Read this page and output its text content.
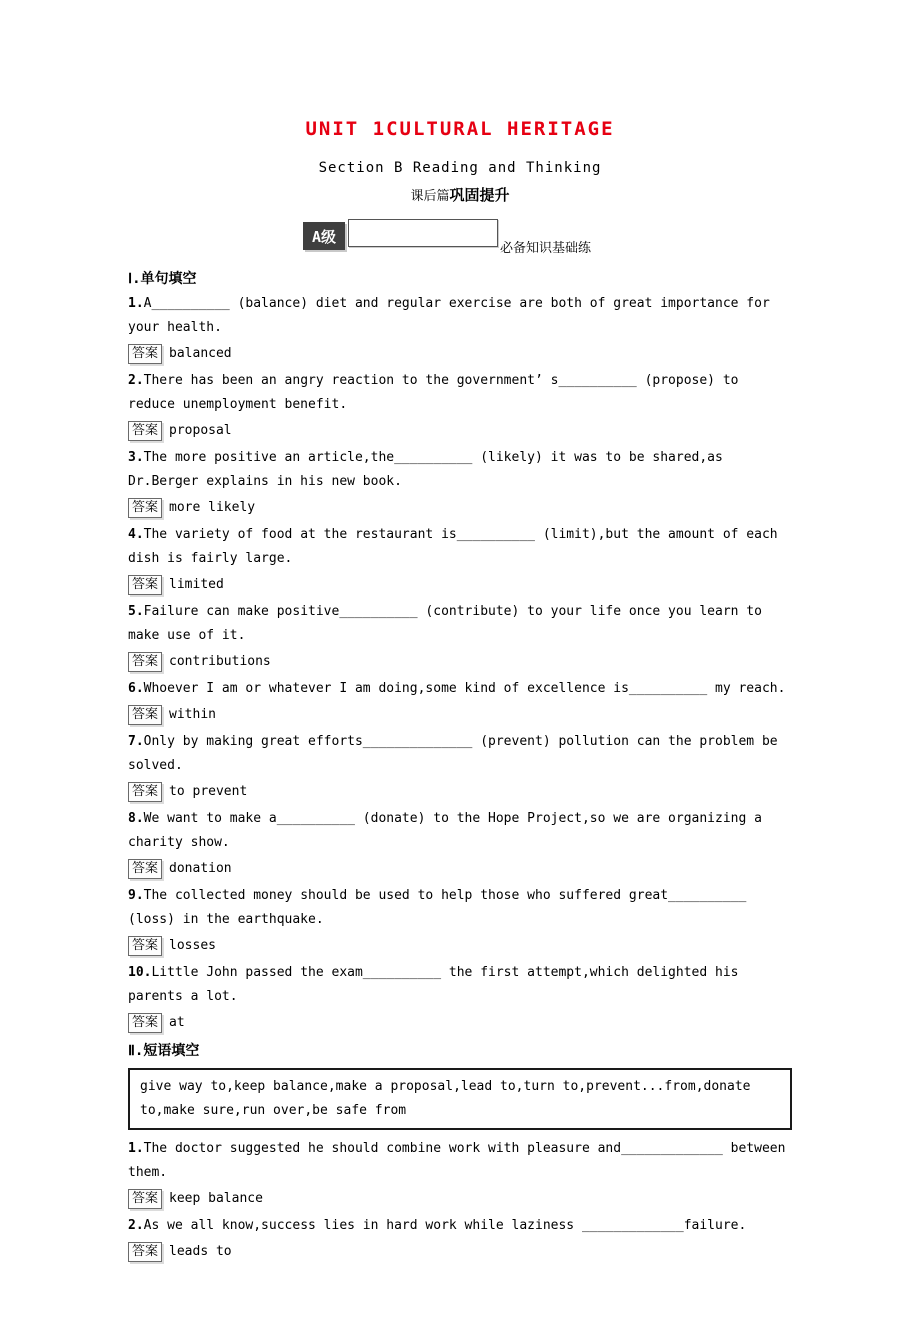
UNIT 1CULTURAL HERITAGE
Section B Reading and Thinking
课后篇巩固提升
A级
必备知识基础练
Ⅰ.单句填空
1.A__________ (balance) diet and regular exercise are both of great importance for your health.
答案 balanced
2.There has been an angry reaction to the government’ s__________ (propose) to reduce unemployment benefit.
答案 proposal
3.The more positive an article,the__________ (likely) it was to be shared,as Dr.Berger explains in his new book.
答案 more likely
4.The variety of food at the restaurant is__________ (limit),but the amount of each dish is fairly large.
答案 limited
5.Failure can make positive__________ (contribute) to your life once you learn to make use of it.
答案 contributions
6.Whoever I am or whatever I am doing,some kind of excellence is__________ my reach.
答案 within
7.Only by making great efforts______________ (prevent) pollution can the problem be solved.
答案 to prevent
8.We want to make a__________ (donate) to the Hope Project,so we are organizing a charity show.
答案 donation
9.The collected money should be used to help those who suffered great__________ (loss) in the earthquake.
答案 losses
10.Little John passed the exam__________ the first attempt,which delighted his parents a lot.
答案 at
Ⅱ.短语填空
give way to,keep balance,make a proposal,lead to,turn to,prevent...from,donate to,make sure,run over,be safe from
1.The doctor suggested he should combine work with pleasure and_____________ between them.
答案 keep balance
2.As we all know,success lies in hard work while laziness _____________failure.
答案 leads to
